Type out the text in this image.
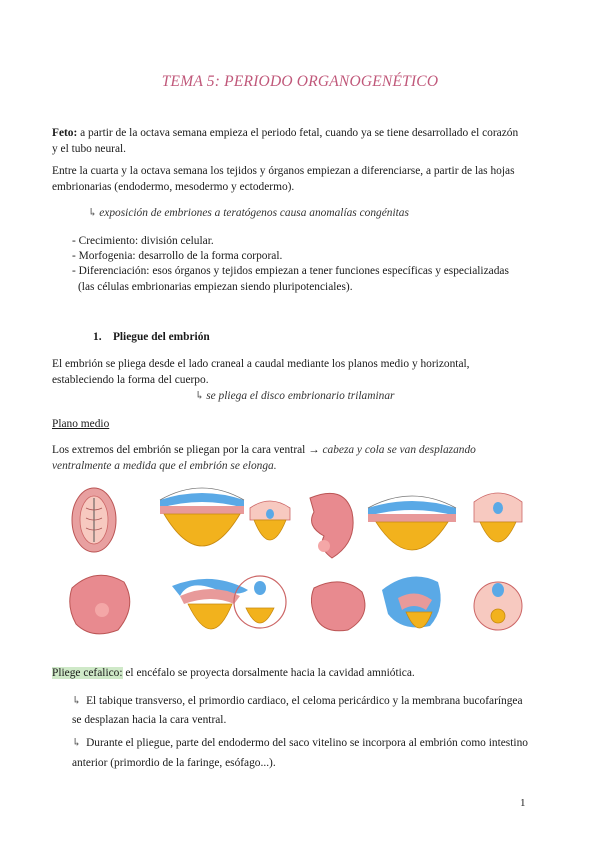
TEMA 5: PERIODO ORGANOGENÉTICO
Feto: a partir de la octava semana empieza el periodo fetal, cuando ya se tiene desarrollado el corazón
y el tubo neural.
Entre la cuarta y la octava semana los tejidos y órganos empiezan a diferenciarse, a partir de las hojas
embrionarias (endodermo, mesodermo y ectodermo).
↳ exposición de embriones a teratógenos causa anomalías congénitas
- Crecimiento: división celular.
- Morfogenia: desarrollo de la forma corporal.
- Diferenciación: esos órganos y tejidos empiezan a tener funciones específicas y especializadas
(las células embrionarias empiezan siendo pluripotenciales).
1. Pliegue del embrión
El embrión se pliega desde el lado craneal a caudal mediante los planos medio y horizontal,
estableciendo la forma del cuerpo.
↳ se pliega el disco embrionario trilaminar
Plano medio
Los extremos del embrión se pliegan por la cara ventral → cabeza y cola se van desplazando
ventralmente a medida que el embrión se elonga.
Pliege cefalico: el encéfalo se proyecta dorsalmente hacia la cavidad amniótica.
↳ El tabique transverso, el primordio cardiaco, el celoma pericárdico y la membrana bucofaríngea
se desplazan hacia la cara ventral.
↳ Durante el pliegue, parte del endodermo del saco vitelino se incorpora al embrión como intestino
anterior (primordio de la faringe, esófago...).
1
